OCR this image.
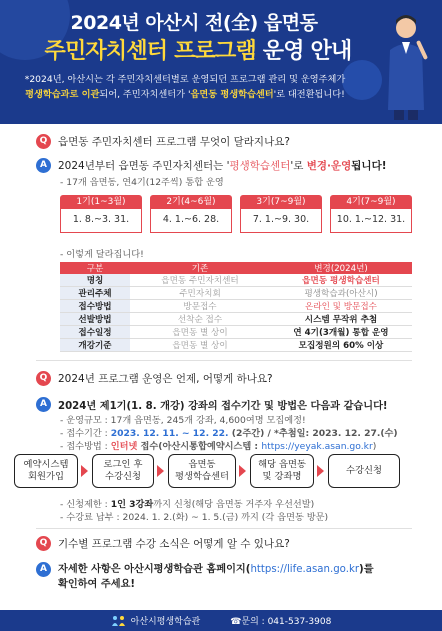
2024년 아산시 전(全) 읍면동
주민자치센터 프로그램 운영 안내
*2024년, 아산시는 각 주민자치센터별로 운영되던 프로그램 관리 및 운영주체가
평생학습과로 이관되어, 주민자치센터가 '읍면동 평생학습센터'로 대전환됩니다!
Q	읍면동 주민자치센터 프로그램 무엇이 달라지나요?
A	2024년부터 읍면동 주민자치센터는 '평생학습센터'로 변경·운영됩니다!
- 17개 읍면동, 연4기(12주씩) 통합 운영
1기(1~3월)
1. 8.~3. 31.
2기(4~6월)
4. 1.~6. 28.
3기(7~9월)
7. 1.~9. 30.
4기(7~9월)
10. 1.~12. 31.
- 이렇게 달라집니다!
구분	기존	변경(2024년)
명칭	읍면동 주민자치센터	읍면동 평생학습센터
관리주체	주민자치회	평생학습과(아산시)
접수방법	방문접수	온라인 및 방문접수
선발방법	선착순 접수	시스템 무작위 추첨
접수일정	읍면동 별 상이	연 4기(3개월) 통합 운영
개강기준	읍면동 별 상이	모집정원의 60% 이상
Q	2024년 프로그램 운영은 언제, 어떻게 하나요?
A	2024년 제1기(1. 8. 개강) 강좌의 접수기간 및 방법은 다음과 같습니다!
- 운영규모 : 17개 읍면동, 245개 강좌, 4,600여명 모집예정!
- 접수기간 : 2023. 12. 11. ~ 12. 22. (2주간) / *추첨일: 2023. 12. 27.(수)
- 접수방법 : 인터넷 접수(아산시통합예약시스템 : https://yeyak.asan.go.kr)
예약시스템
회원가입
로그인 후
수강신청
읍면동
평생학습센터
해당 읍면동
및 강좌명
수강신청
- 신청제한 : 1인 3강좌까지 신청(해당 읍면동 거주자 우선선발)
- 수강료 납부 : 2024. 1. 2.(화) ~ 1. 5.(금) 까지 (각 읍면동 방문)
Q	기수별 프로그램 수강 소식은 어떻게 알 수 있나요?
A	자세한 사항은 아산시평생학습관 홈페이지(https://life.asan.go.kr)를
확인하여 주세요!
아산시평생학습관	☎문의 : 041-537-3908
